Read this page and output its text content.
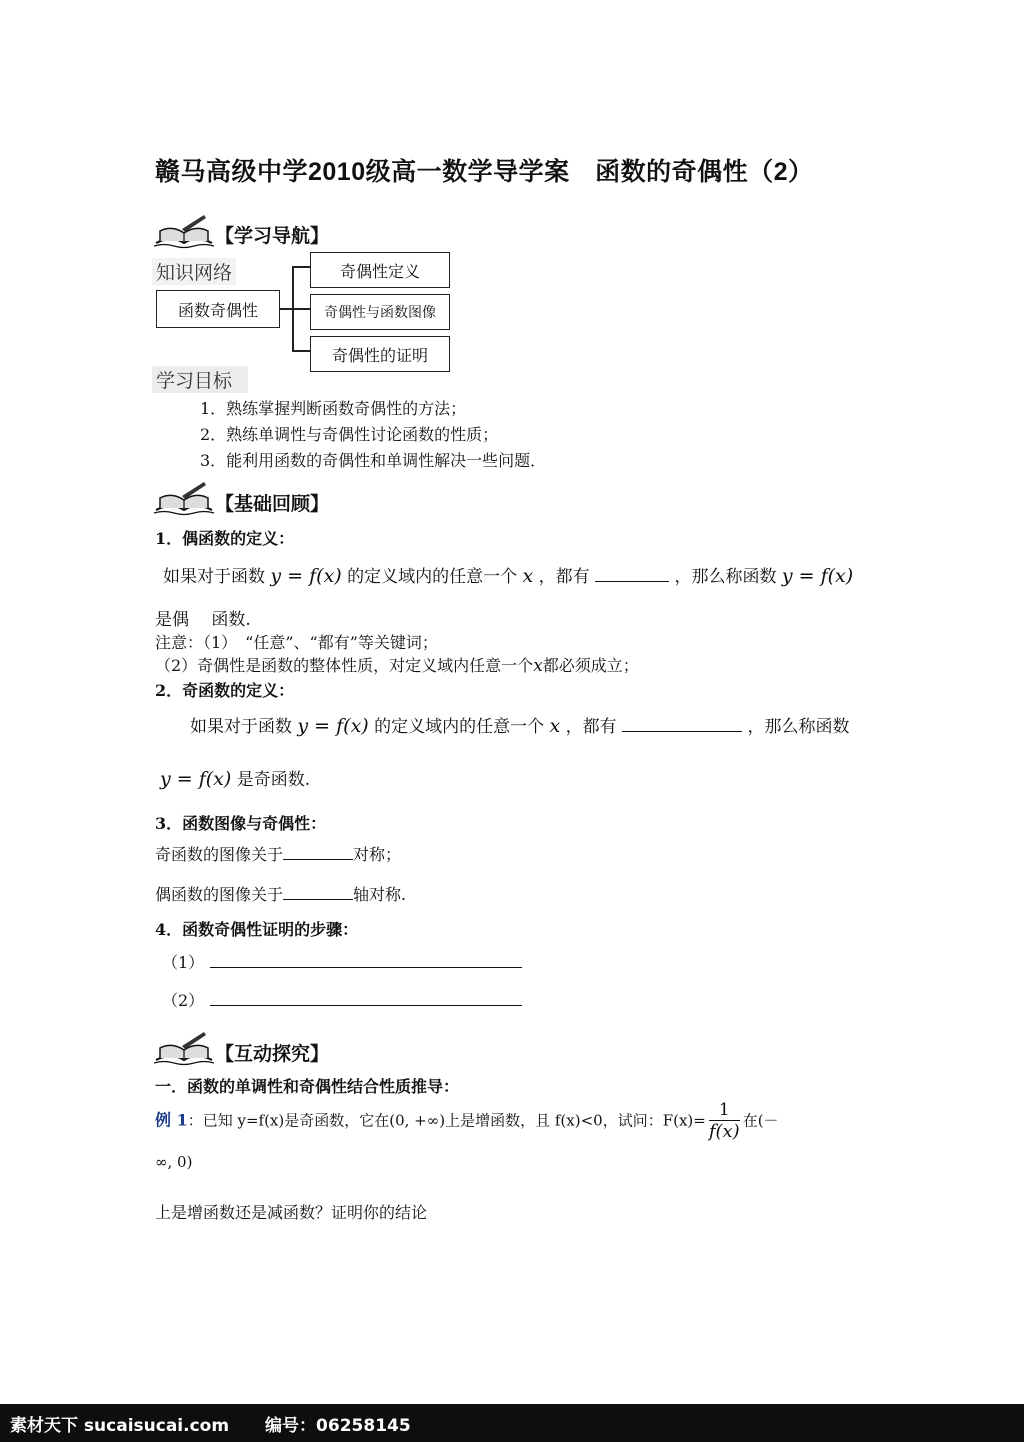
赣马高级中学2010级高一数学导学案　函数的奇偶性（2）
【学习导航】
知识网络
函数奇偶性
奇偶性定义
奇偶性与函数图像
奇偶性的证明
学习目标
1．熟练掌握判断函数奇偶性的方法；
2．熟练单调性与奇偶性讨论函数的性质；
3．能利用函数的奇偶性和单调性解决一些问题．
【基础回顾】
1．偶函数的定义：
如果对于函数 y = f(x) 的定义域内的任意一个 x ，都有	，那么称函数 y = f(x)
是偶　 函数.
注意：（1）　“任意”、“都有”等关键词；
（2）奇偶性是函数的整体性质，对定义域内任意一个x都必须成立；
2．奇函数的定义：
如果对于函数 y = f(x) 的定义域内的任意一个 x ，都有	，那么称函数
y = f(x) 是奇函数.
3．函数图像与奇偶性：
奇函数的图像关于	对称；
偶函数的图像关于	轴对称.
4．函数奇偶性证明的步骤：
（1）
（2）
【互动探究】
一．函数的单调性和奇偶性结合性质推导：
例 1：已知 y=f(x)是奇函数，它在(0, +∞)上是增函数，且 f(x)<0，试问：$F(x)= \frac{1}{f(x)}$ 在(－
∞, 0)
上是增函数还是减函数？证明你的结论
素材天下 sucaisucai.com 编号：06258145
